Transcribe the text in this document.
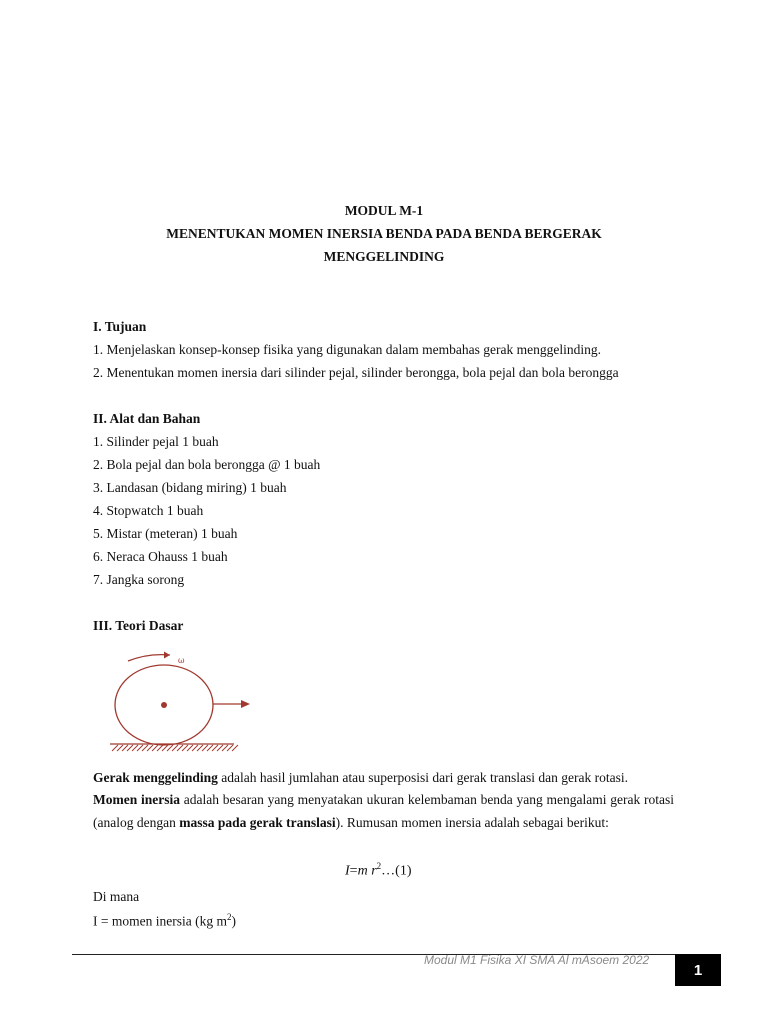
MODUL M-1
MENENTUKAN MOMEN INERSIA BENDA PADA BENDA BERGERAK
MENGGELINDING
I. Tujuan
1. Menjelaskan konsep-konsep fisika yang digunakan dalam membahas gerak menggelinding.
2. Menentukan momen inersia dari silinder pejal, silinder berongga, bola pejal dan bola berongga
II. Alat dan Bahan
1. Silinder pejal 1 buah
2. Bola pejal dan bola berongga @ 1 buah
3. Landasan (bidang miring) 1 buah
4. Stopwatch 1 buah
5. Mistar (meteran) 1 buah
6. Neraca Ohauss 1 buah
7. Jangka sorong
III. Teori Dasar
ω
Gerak menggelinding adalah hasil jumlahan atau superposisi dari gerak translasi dan gerak rotasi.
Momen inersia adalah besaran yang menyatakan ukuran kelembaman benda yang mengalami gerak rotasi (analog dengan massa pada gerak translasi). Rumusan momen inersia adalah sebagai berikut:
I=m $r^2\dots(1)$
Di mana
I = momen inersia (kg $m^2$)
Modul M1 Fisika XI SMA Al mAsoem 2022
1
